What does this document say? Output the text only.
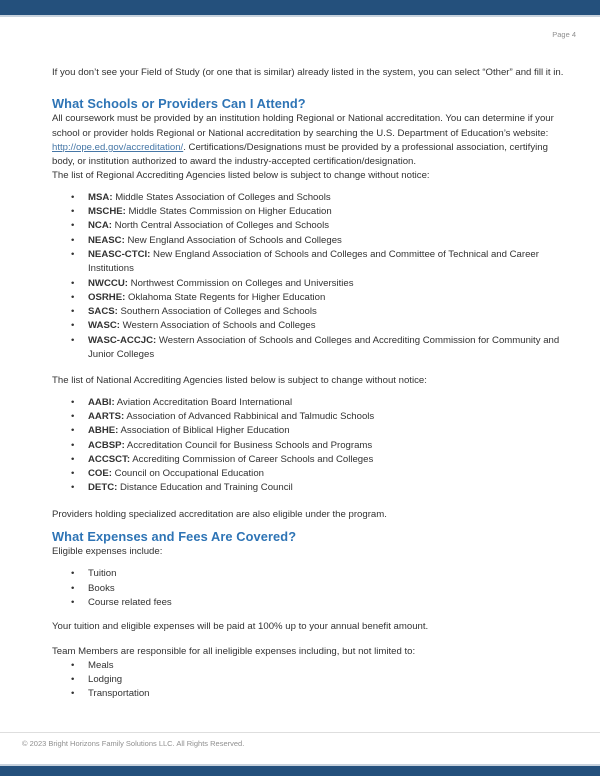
Page 4

If you don’t see your Field of Study (or one that is similar) already listed in the system, you can select “Other” and fill it in.

What Schools or Providers Can I Attend?

All coursework must be provided by an institution holding Regional or National accreditation. You can determine if your school or provider holds Regional or National accreditation by searching the U.S. Department of Education’s website: http://ope.ed.gov/accreditation/. Certifications/Designations must be provided by a professional association, certifying body, or institution authorized to award the industry-accepted certification/designation.

The list of Regional Accrediting Agencies listed below is subject to change without notice:

•
MSA: Middle States Association of Colleges and Schools
•
MSCHE: Middle States Commission on Higher Education
•
NCA: North Central Association of Colleges and Schools
•
NEASC: New England Association of Schools and Colleges
•
NEASC-CTCI: New England Association of Schools and Colleges and Committee of Technical and Career Institutions
•
NWCCU: Northwest Commission on Colleges and Universities
•
OSRHE: Oklahoma State Regents for Higher Education
•
SACS: Southern Association of Colleges and Schools
•
WASC: Western Association of Schools and Colleges
•
WASC-ACCJC: Western Association of Schools and Colleges and Accrediting Commission for Community and Junior Colleges

The list of National Accrediting Agencies listed below is subject to change without notice:

•
AABI: Aviation Accreditation Board International
•
AARTS: Association of Advanced Rabbinical and Talmudic Schools
•
ABHE: Association of Biblical Higher Education
•
ACBSP: Accreditation Council for Business Schools and Programs
•
ACCSCT: Accrediting Commission of Career Schools and Colleges
•
COE: Council on Occupational Education
•
DETC: Distance Education and Training Council

Providers holding specialized accreditation are also eligible under the program.

What Expenses and Fees Are Covered?

Eligible expenses include:

•
Tuition
•
Books
•
Course related fees

Your tuition and eligible expenses will be paid at 100% up to your annual benefit amount.

Team Members are responsible for all ineligible expenses including, but not limited to:

•
Meals
•
Lodging
•
Transportation
© 2023 Bright Horizons Family Solutions LLC. All Rights Reserved.
